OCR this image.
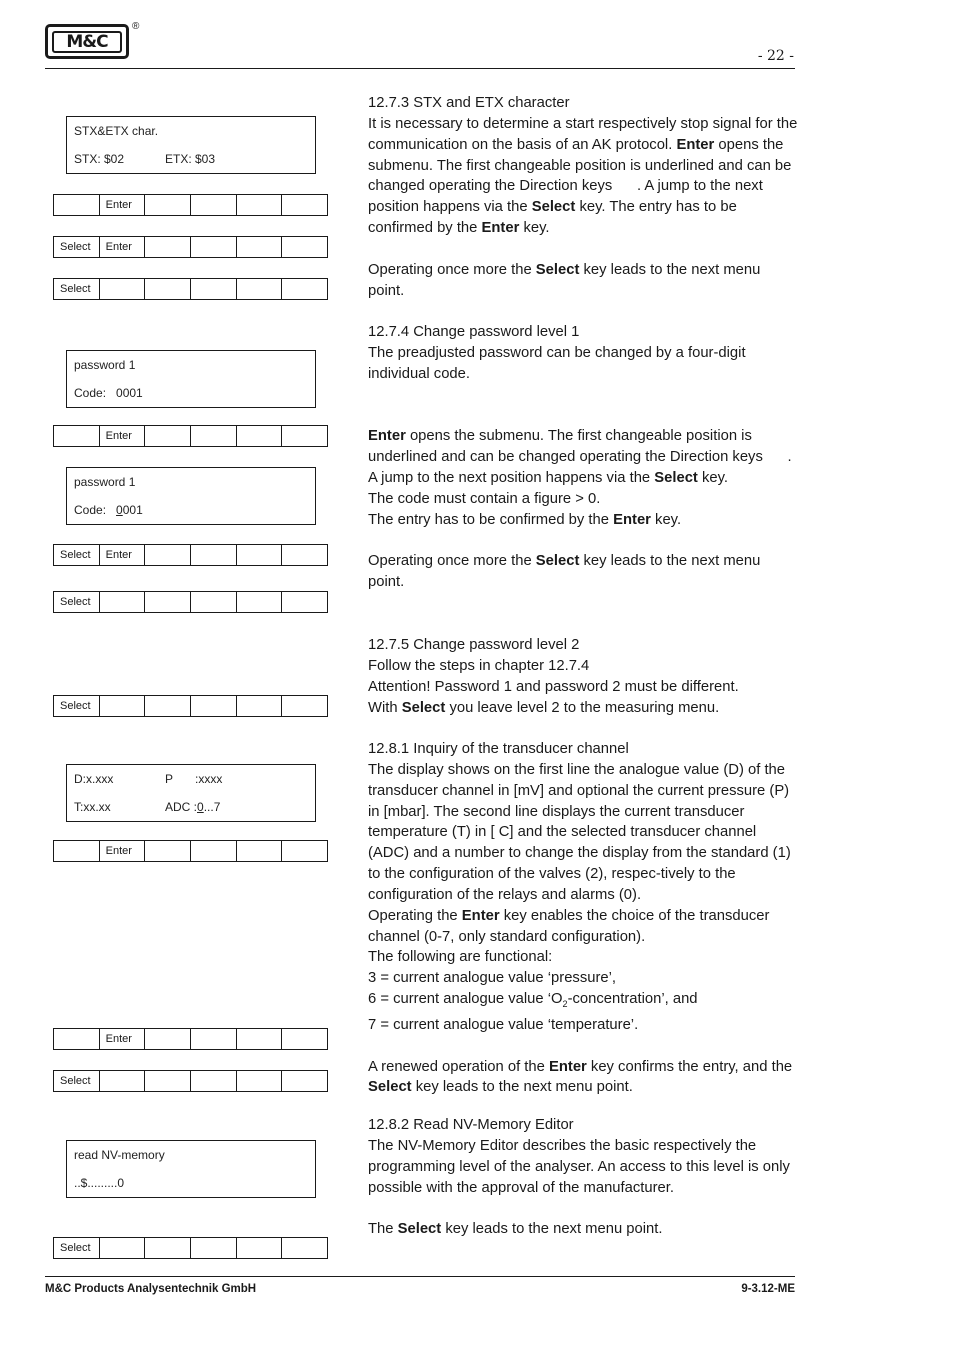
M&C
®
- 22 -
STX&ETX char.
STX: $02	ETX: $03
Enter
Select	Enter
Select
password 1
Code:   0001
Enter
password 1
Code: 0001
Select	Enter
Select
Select
D:x.xxx	P :xxxx
T:xx.xx	ADC :0...7
Enter
Enter
Select
read NV-memory
..$.........0
Select

12.7.3 STX and ETX character

It is necessary to determine a start respectively stop signal for the communication on the basis of an AK protocol. Enter opens the submenu. The first changeable position is underlined and can be changed operating the Direction keys      . A jump to the next position happens via the Select key. The entry has to be confirmed by the Enter key.

Operating once more the Select key leads to the next menu point.

12.7.4 Change password level 1

The preadjusted password can be changed by a four-digit individual code.

Enter opens the submenu. The first changeable position is underlined and can be changed operating the Direction keys      . A jump to the next position happens via the Select key.

The code must contain a figure > 0.

The entry has to be confirmed by the Enter key.

Operating once more the Select key leads to the next menu point.

12.7.5 Change password level 2

Follow the steps in chapter 12.7.4

Attention! Password 1 and password 2 must be different.

With Select you leave level 2 to the measuring menu.

12.8.1 Inquiry of the transducer channel

The display shows on the first line the analogue value (D) of the transducer channel in [mV] and optional the current pressure (P) in [mbar]. The second line displays the current transducer temperature (T) in [ C] and the selected transducer channel (ADC) and a number to change the display from the standard (1) to the configuration of the valves (2), respec-tively to the configuration of the relays and alarms (0).

Operating the Enter key enables the choice of the transducer channel (0-7, only standard configuration).

The following are functional:

3 = current analogue value ‘pressure’,

6 = current analogue value ‘$O_2$-concentration’, and

7 = current analogue value ‘temperature’.

A renewed operation of the Enter key confirms the entry, and the Select key leads to the next menu point.

12.8.2 Read NV-Memory Editor

The NV-Memory Editor describes the basic respectively the programming level of the analyser. An access to this level is only possible with the approval of the manufacturer.

The Select key leads to the next menu point.

M&C Products Analysentechnik GmbH	9-3.12-ME
